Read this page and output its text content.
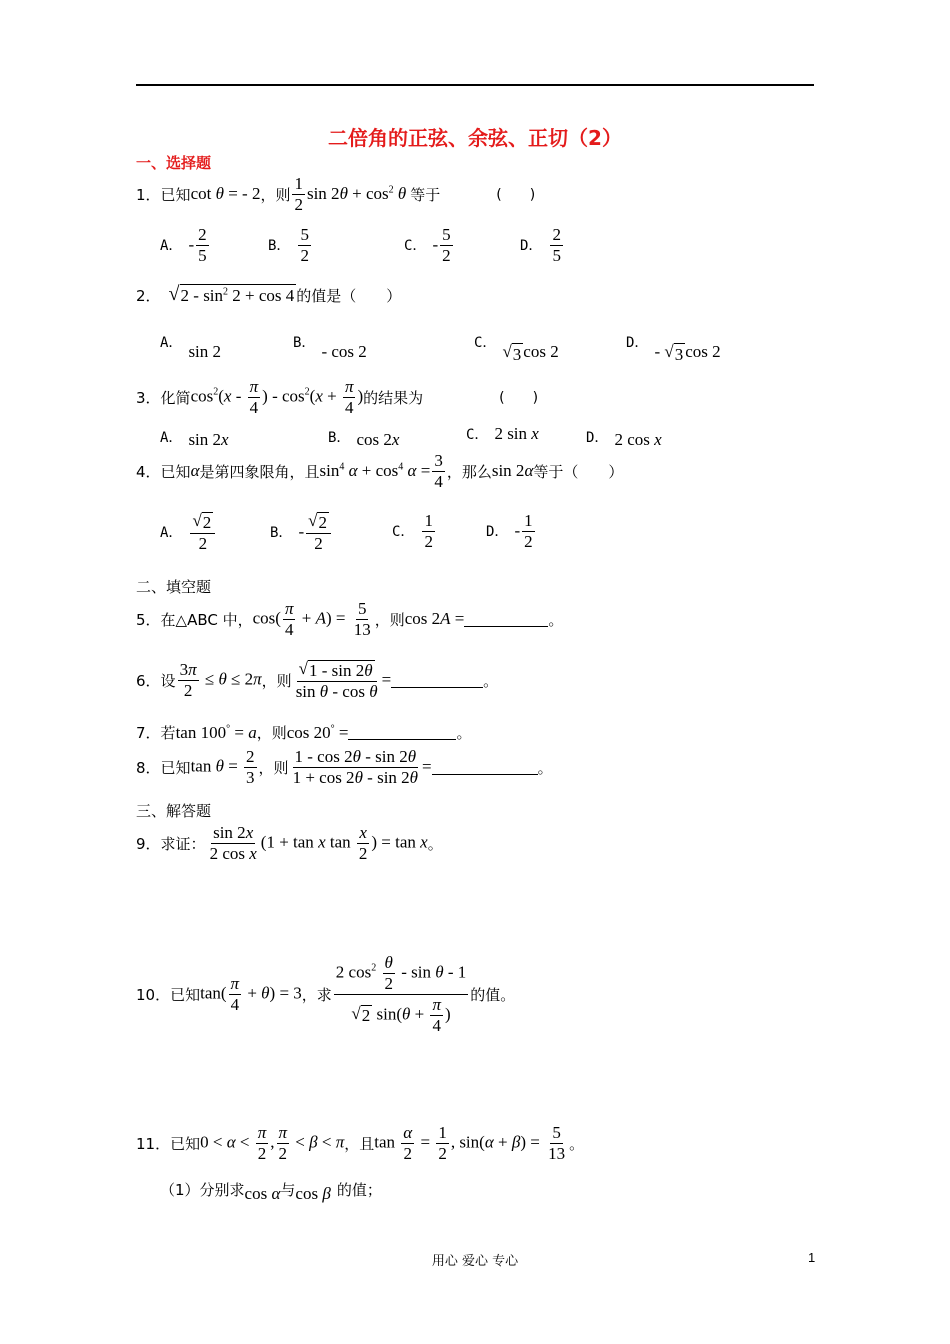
二倍角的正弦、余弦、正切（2）
一、选择题
1． 已知 cot θ = - 2 ，则 $\frac{1}{2}$ $\sin 2\theta + \cos^2 \theta$ 等于	(　　)
A． - $\frac{2}{5}$	B． $\frac{5}{2}$	C． - $\frac{5}{2}$	D． $\frac{2}{5}$
2． √ $2 - \sin^2 2 + \cos 4$ 的值是（　　）
A． sin 2	B． - cos 2	C． √ 3 cos 2	D． - √ 3 cos 2
3． 化简 $\cos^2(x - \frac{\pi}{4}$ ) - $\cos^2(x + \frac{\pi}{4}$ ) 的结果为	(　　)
A． sin 2x	B． cos 2x	C． 2 sin x	D． 2 cos x
4． 已知 α 是第四象限角，且 $\sin^4 \alpha + \cos^4 \alpha = \frac{3}{4}$ ，那么 sin 2α 等于（　　）
A． $\frac{√ 2}{2}$	B． - $\frac{√ 2}{2}$	C． $\frac{1}{2}$	D． - $\frac{1}{2}$
二、填空题
5． 在△ABC 中， $\cos( \frac{\pi}{4} + A) = \frac{5}{13}$ ，则 cos 2A =	。
6． 设 $\frac{3\pi}{2} \le \theta \le 2\pi$ ，则 $\frac{√ 1 - \sin 2\theta}{\text{sin θ - cos θ}}$ =	。
7． 若 tan 100° = a ，则 cos 20° =	。
8． 已知 $\tan \theta = \frac{2}{3}$ ，则 $\frac{1 - \cos 2\theta - \sin 2\theta}{1 + \cos 2\theta - \sin 2\theta}$ =	。
三、解答题
9． 求证： $\frac{\sin 2x}{\text{2 cos x}} (1 + \tan x$ $\tan \frac{x}{2}$ ) = tan x 。
10． 已知 $\tan( \frac{\pi}{4} + \theta) = 3$ ，求 $\frac{2 \cos^2 \frac{\theta}{2} - \sin \theta - 1}{√ 2 \sin(\theta + \frac{\pi}{4} )}$ 的值。
11． 已知 $0 < \alpha < \frac{\pi}{2}$ , $\frac{\pi}{2} < \beta < \pi$ ，且 $\tan \frac{\alpha}{2} = \frac{1}{2}$ , $\sin(\alpha + \beta) = \frac{5}{13}$ 。
（1）分别求 cos α 与 cos β 的值；
用心 爱心 专心	1
